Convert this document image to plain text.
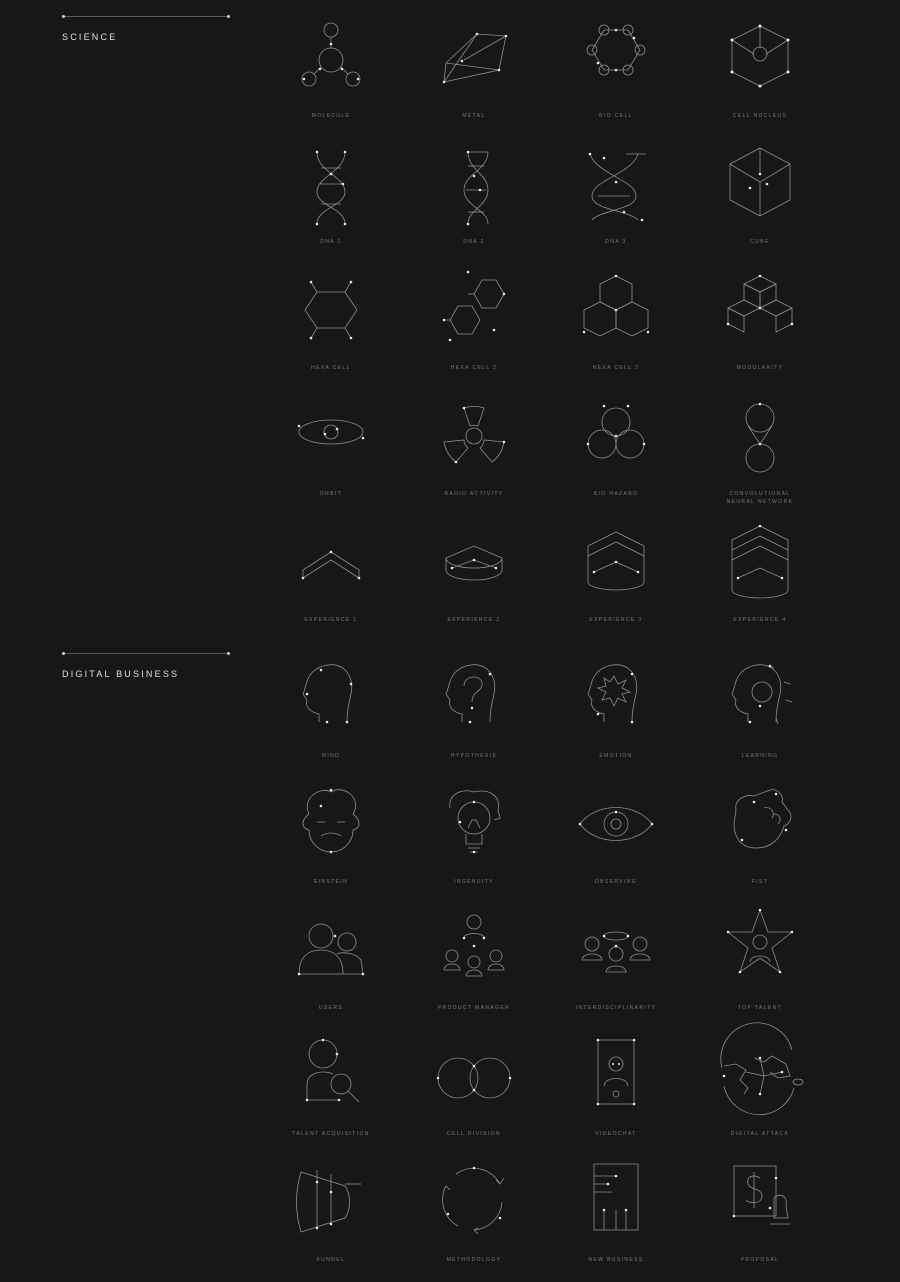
SCIENCE
DIGITAL BUSINESS
MOLECULE	METAL	BIO CELL	CELL NUCLEUS
DNA 1	DNA 2	DNA 3	CUBE
HEXA CELL	HEXA CELL 2	HEXA CELL 3	MODULARITY
ORBIT	RADIO ACTIVITY	BIO HAZARD	CONVOLUTIONAL
NEURAL NETWORK
EXPERIENCE 1	EXPERIENCE 2	EXPERIENCE 3	EXPERIENCE 4
MIND	HYPOTHESIS	EMOTION	LEARNING
EINSTEIN	INGENUITY	OBSERVING	FIST
USERS	PRODUCT MANAGER	INTERDISCIPLINARITY	TOP TALENT
TALENT ACQUISITION	CELL DIVISION	VIDEOCHAT	DIGITAL ATTACK
FUNNEL	METHODOLOGY	NEW BUSINESS	PROPOSAL
